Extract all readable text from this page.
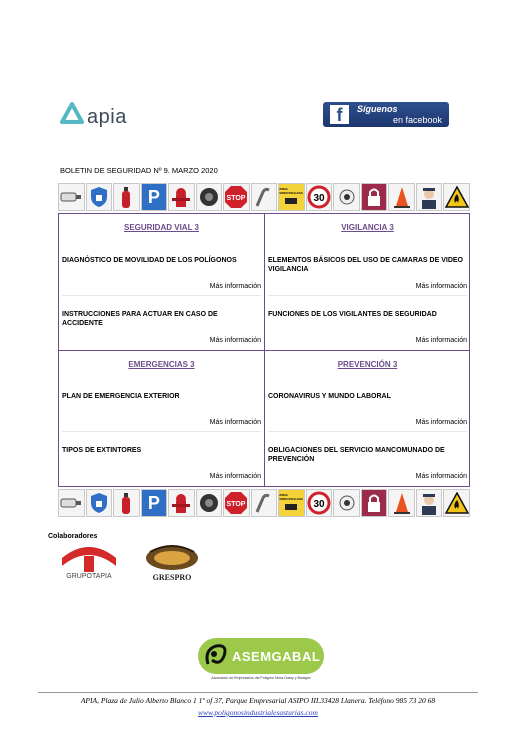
apia	f	Síguenos
en facebook
BOLETIN DE SEGURIDAD Nº 9. MARZO 2020
P	STOP
ZONA VIDEOVIGILADA 30
SEGURIDAD VIAL 3
DIAGNÓSTICO DE MOVILIDAD DE LOS POLÍGONOS
Más información
INSTRUCCIONES PARA ACTUAR EN CASO DE ACCIDENTE
Más información
VIGILANCIA 3
ELEMENTOS BÁSICOS DEL USO DE CAMARAS DE VIDEO VIGILANCIA
Más información
FUNCIONES DE LOS VIGILANTES DE SEGURIDAD
Más información
EMERGENCIAS 3
PLAN DE EMERGENCIA EXTERIOR
Más información
TIPOS DE EXTINTORES
Más información
PREVENCIÓN 3
CORONAVIRUS Y MUNDO LABORAL
Más información
OBLIGACIONES DEL SERVICIO MANCOMUNADO DE PREVENCIÓN
Más información
P	STOP
ZONA VIDEOVIGILADA 30
Colaboradores
GRUPOTAPIA	GRESPRO
ASEMGABAL
Asociación de Empresarios del Polígono Mora-Garay y Baíagón
APIA, Plaza de Julio Alberto Blanco 1 1º of 37, Parque Empresarial ASIPO III.33428 Llanera. Teléfono 985 73 20 68
www.poligonosindustrialesasturias.com
